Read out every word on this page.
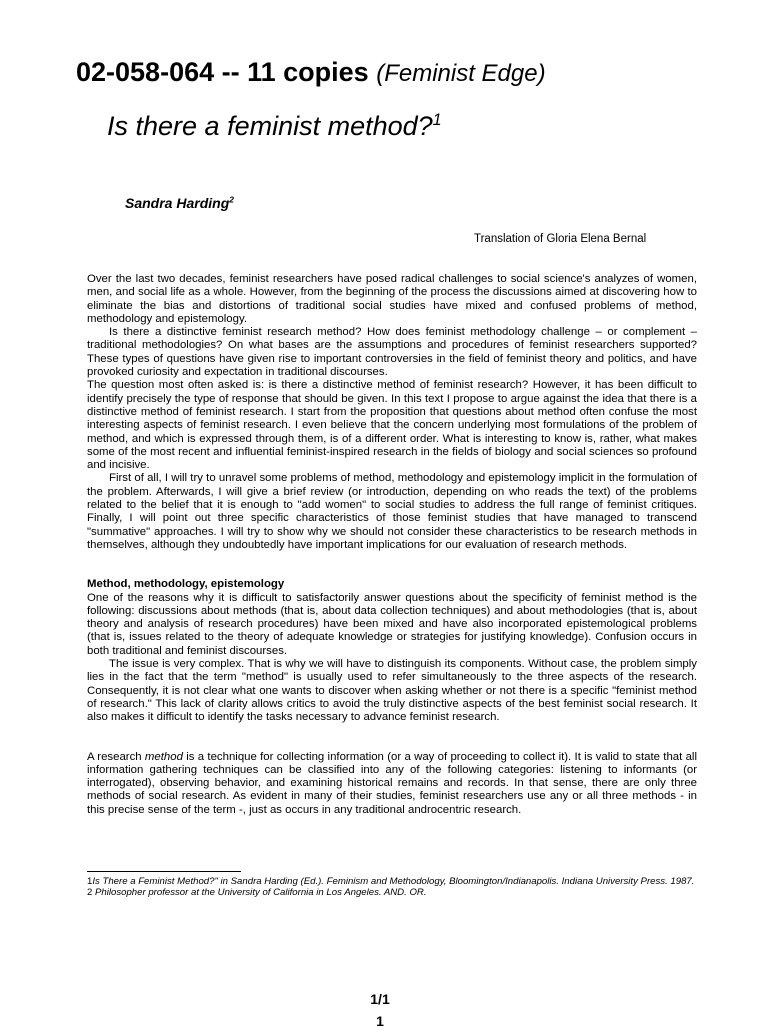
02-058-064 -- 11 copies (Feminist Edge)
Is there a feminist method?$^1$
Sandra Harding$^2$
Translation of Gloria Elena Bernal

Over the last two decades, feminist researchers have posed radical challenges to social science's analyzes of women, men, and social life as a whole. However, from the beginning of the process the discussions aimed at discovering how to eliminate the bias and distortions of traditional social studies have mixed and confused problems of method, methodology and epistemology.

Is there a distinctive feminist research method? How does feminist methodology challenge – or complement – traditional methodologies? On what bases are the assumptions and procedures of feminist researchers supported? These types of questions have given rise to important controversies in the field of feminist theory and politics, and have provoked curiosity and expectation in traditional discourses.

The question most often asked is: is there a distinctive method of feminist research? However, it has been difficult to identify precisely the type of response that should be given. In this text I propose to argue against the idea that there is a distinctive method of feminist research. I start from the proposition that questions about method often confuse the most interesting aspects of feminist research. I even believe that the concern underlying most formulations of the problem of method, and which is expressed through them, is of a different order. What is interesting to know is, rather, what makes some of the most recent and influential feminist-inspired research in the fields of biology and social sciences so profound and incisive.

First of all, I will try to unravel some problems of method, methodology and epistemology implicit in the formulation of the problem. Afterwards, I will give a brief review (or introduction, depending on who reads the text) of the problems related to the belief that it is enough to "add women" to social studies to address the full range of feminist critiques. Finally, I will point out three specific characteristics of those feminist studies that have managed to transcend "summative" approaches. I will try to show why we should not consider these characteristics to be research methods in themselves, although they undoubtedly have important implications for our evaluation of research methods.

Method, methodology, epistemology

One of the reasons why it is difficult to satisfactorily answer questions about the specificity of feminist method is the following: discussions about methods (that is, about data collection techniques) and about methodologies (that is, about theory and analysis of research procedures) have been mixed and have also incorporated epistemological problems (that is, issues related to the theory of adequate knowledge or strategies for justifying knowledge). Confusion occurs in both traditional and feminist discourses.

The issue is very complex. That is why we will have to distinguish its components. Without case, the problem simply lies in the fact that the term "method" is usually used to refer simultaneously to the three aspects of the research. Consequently, it is not clear what one wants to discover when asking whether or not there is a specific "feminist method of research." This lack of clarity allows critics to avoid the truly distinctive aspects of the best feminist social research. It also makes it difficult to identify the tasks necessary to advance feminist research.

A research method is a technique for collecting information (or a way of proceeding to collect it). It is valid to state that all information gathering techniques can be classified into any of the following categories: listening to informants (or interrogated), observing behavior, and examining historical remains and records. In that sense, there are only three methods of social research. As evident in many of their studies, feminist researchers use any or all three methods - in this precise sense of the term -, just as occurs in any traditional androcentric research.

1Is There a Feminist Method?" in Sandra Harding (Ed.). Feminism and Methodology, Bloomington/Indianapolis. Indiana University Press. 1987.

2 Philosopher professor at the University of California in Los Angeles. AND. OR.

1/1
1
